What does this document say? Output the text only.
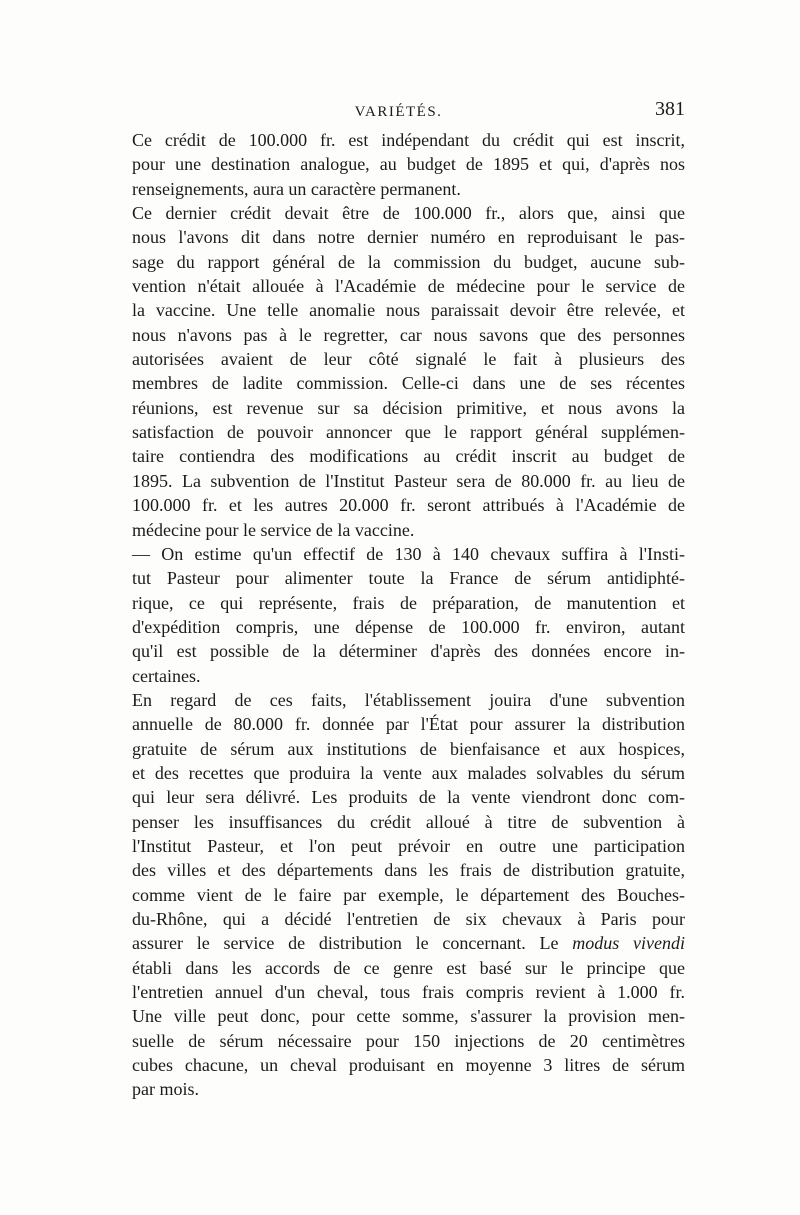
VARIÉTÉS.	381

Ce crédit de 100.000 fr. est indépendant du crédit qui est inscrit,
pour une destination analogue, au budget de 1895 et qui, d'après nos
renseignements, aura un caractère permanent.

Ce dernier crédit devait être de 100.000 fr., alors que, ainsi que
nous l'avons dit dans notre dernier numéro en reproduisant le pas-
sage du rapport général de la commission du budget, aucune sub-
vention n'était allouée à l'Académie de médecine pour le service de
la vaccine. Une telle anomalie nous paraissait devoir être relevée, et
nous n'avons pas à le regretter, car nous savons que des personnes
autorisées avaient de leur côté signalé le fait à plusieurs des
membres de ladite commission. Celle-ci dans une de ses récentes
réunions, est revenue sur sa décision primitive, et nous avons la
satisfaction de pouvoir annoncer que le rapport général supplémen-
taire contiendra des modifications au crédit inscrit au budget de
1895. La subvention de l'Institut Pasteur sera de 80.000 fr. au lieu de
100.000 fr. et les autres 20.000 fr. seront attribués à l'Académie de
médecine pour le service de la vaccine.

— On estime qu'un effectif de 130 à 140 chevaux suffira à l'Insti-
tut Pasteur pour alimenter toute la France de sérum antidiphté-
rique, ce qui représente, frais de préparation, de manutention et
d'expédition compris, une dépense de 100.000 fr. environ, autant
qu'il est possible de la déterminer d'après des données encore in-
certaines.

En regard de ces faits, l'établissement jouira d'une subvention
annuelle de 80.000 fr. donnée par l'État pour assurer la distribution
gratuite de sérum aux institutions de bienfaisance et aux hospices,
et des recettes que produira la vente aux malades solvables du sérum
qui leur sera délivré. Les produits de la vente viendront donc com-
penser les insuffisances du crédit alloué à titre de subvention à
l'Institut Pasteur, et l'on peut prévoir en outre une participation
des villes et des départements dans les frais de distribution gratuite,
comme vient de le faire par exemple, le département des Bouches-
du-Rhône, qui a décidé l'entretien de six chevaux à Paris pour
assurer le service de distribution le concernant. Le modus vivendi
établi dans les accords de ce genre est basé sur le principe que
l'entretien annuel d'un cheval, tous frais compris revient à 1.000 fr.
Une ville peut donc, pour cette somme, s'assurer la provision men-
suelle de sérum nécessaire pour 150 injections de 20 centimètres
cubes chacune, un cheval produisant en moyenne 3 litres de sérum
par mois.
